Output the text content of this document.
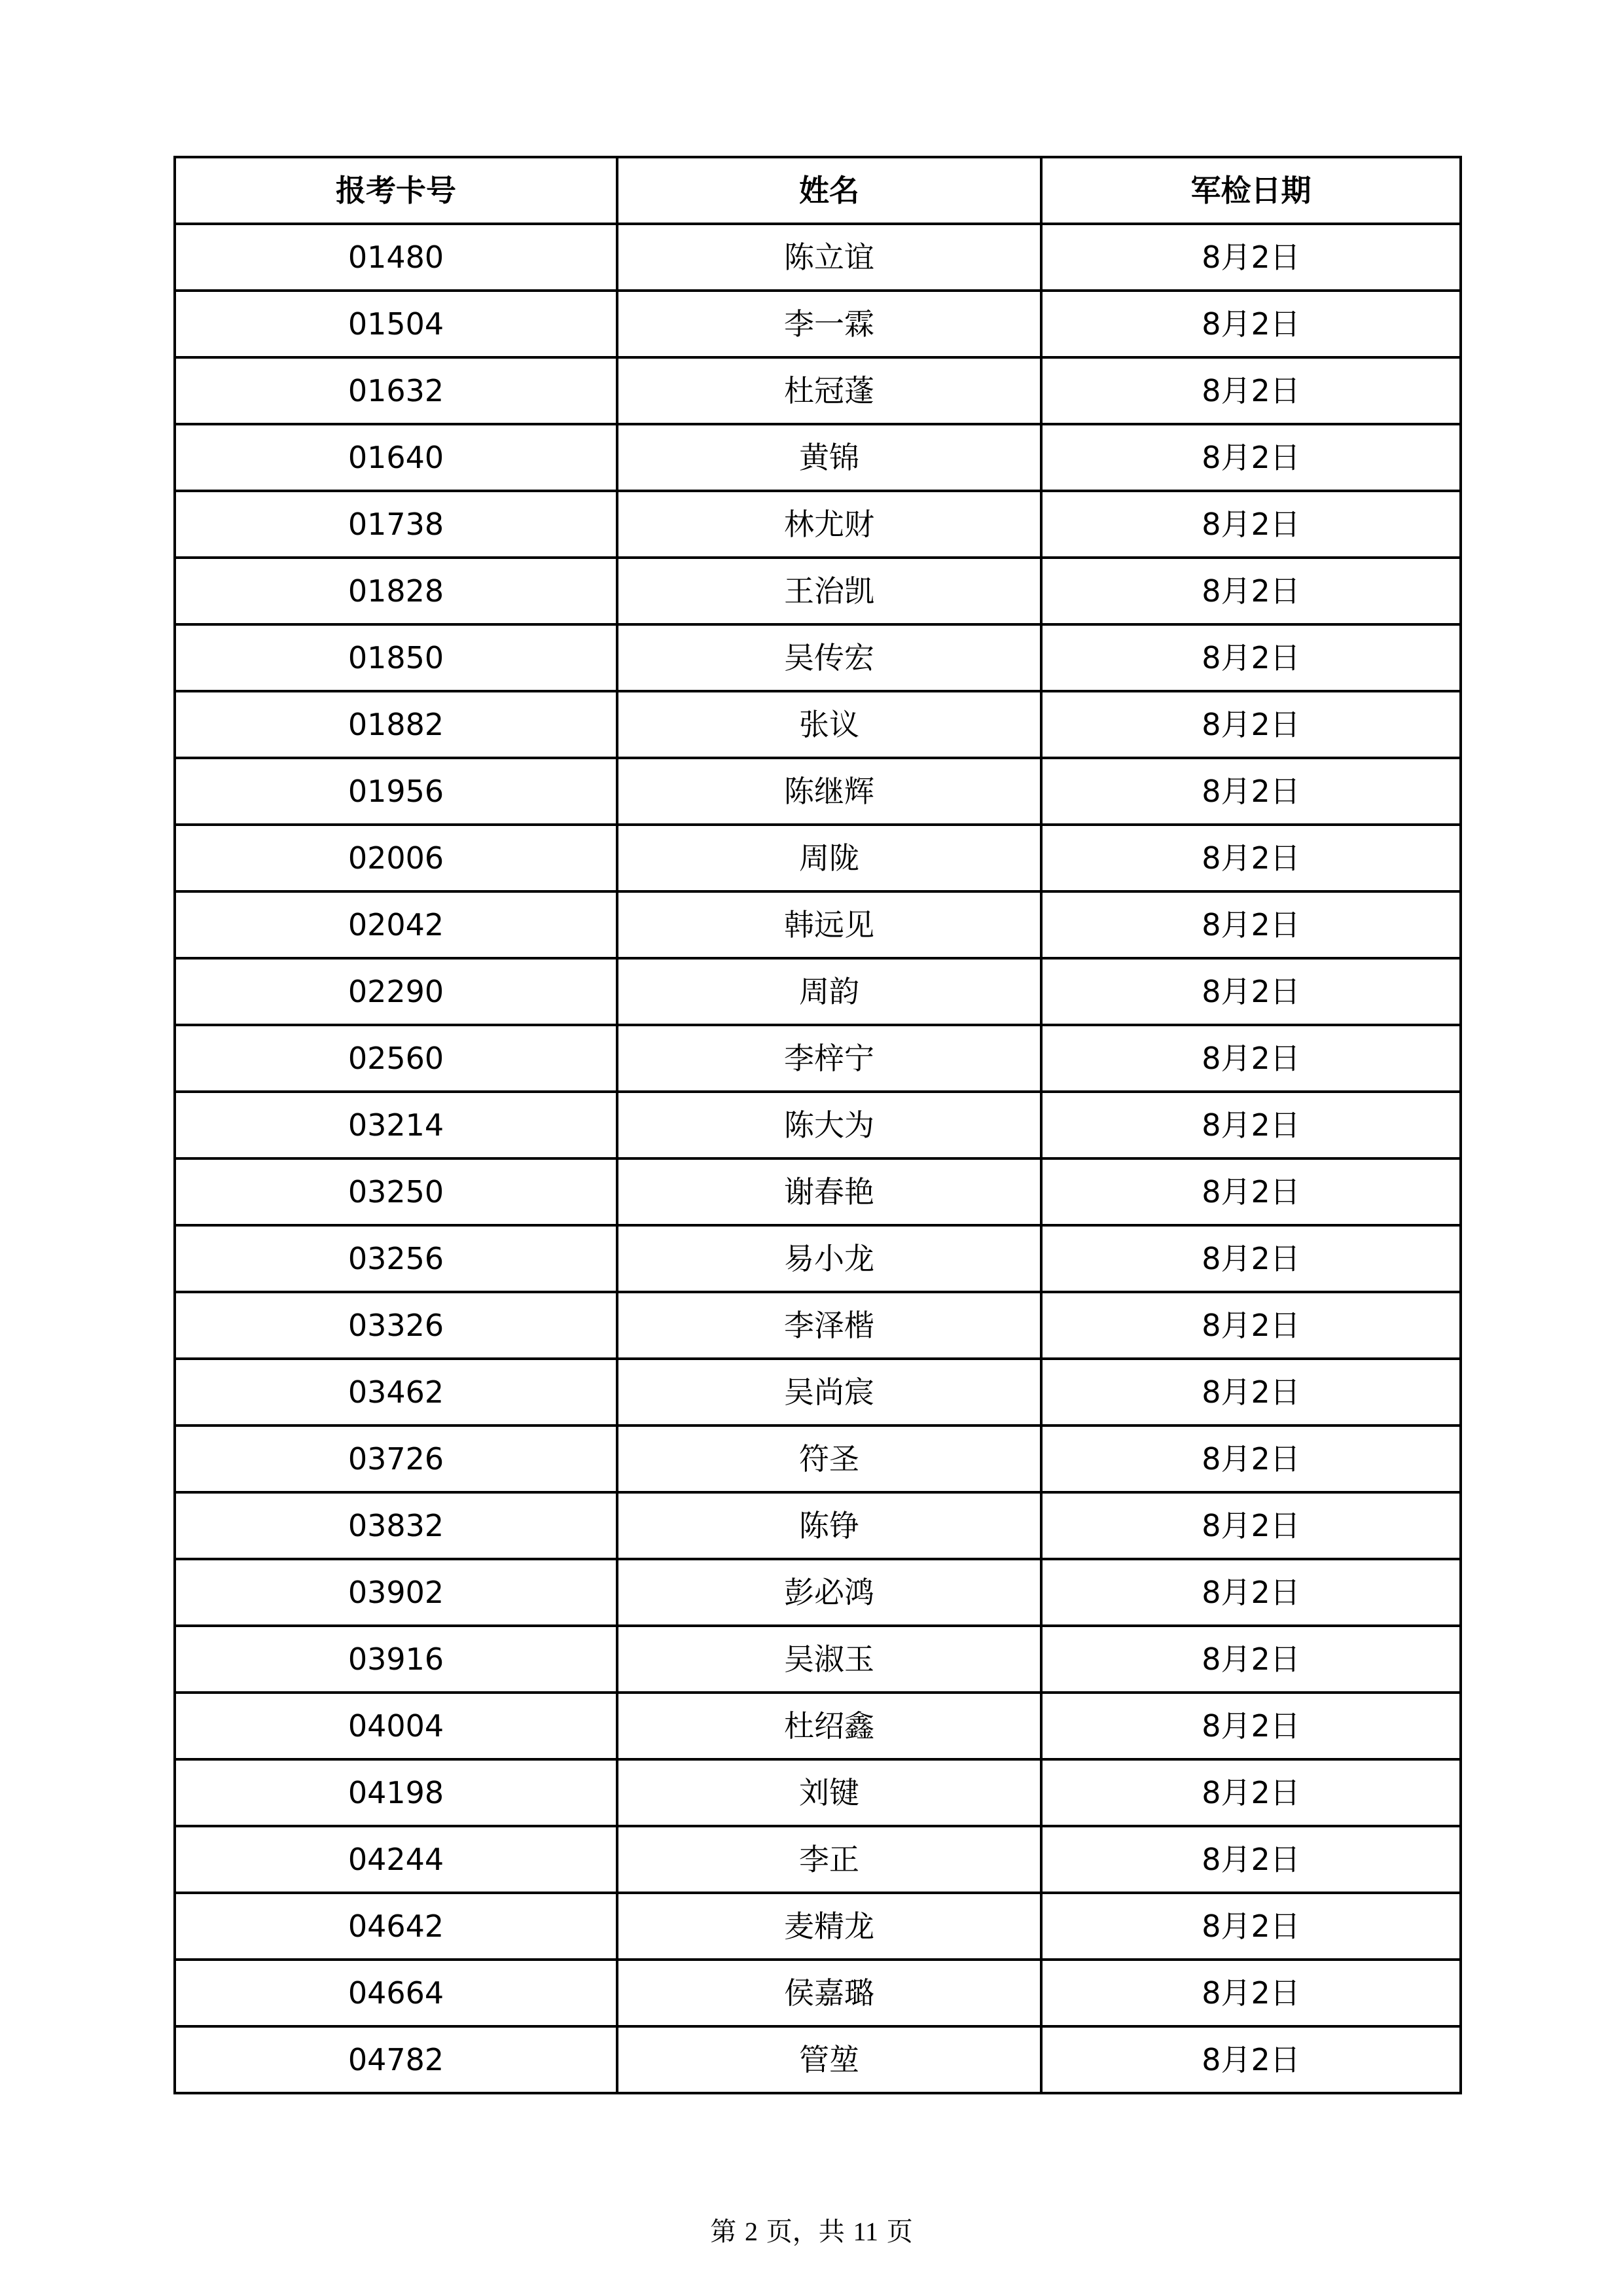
报考卡号	姓名	军检日期
01480	陈立谊	8月2日
01504	李一霖	8月2日
01632	杜冠蓬	8月2日
01640	黄锦	8月2日
01738	林尤财	8月2日
01828	王治凯	8月2日
01850	吴传宏	8月2日
01882	张议	8月2日
01956	陈继辉	8月2日
02006	周陇	8月2日
02042	韩远见	8月2日
02290	周韵	8月2日
02560	李梓宁	8月2日
03214	陈大为	8月2日
03250	谢春艳	8月2日
03256	易小龙	8月2日
03326	李泽楷	8月2日
03462	吴尚宸	8月2日
03726	符圣	8月2日
03832	陈铮	8月2日
03902	彭必鸿	8月2日
03916	吴淑玉	8月2日
04004	杜绍鑫	8月2日
04198	刘键	8月2日
04244	李正	8月2日
04642	麦精龙	8月2日
04664	侯嘉璐	8月2日
04782	管堃	8月2日
第 2 页，共 11 页
